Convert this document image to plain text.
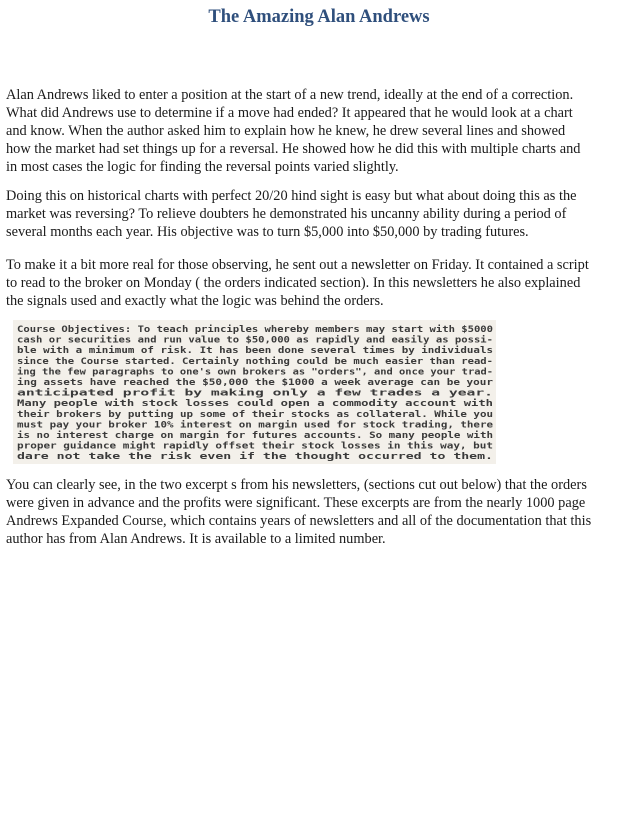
The Amazing Alan Andrews

Alan Andrews liked to enter a position at the start of a new trend, ideally at the end of a correction.
What did Andrews use to determine if a move had ended? It appeared that he would look at a chart
and know. When the author asked him to explain how he knew, he drew several lines and showed
how the market had set things up for a reversal. He showed how he did this with multiple charts and
in most cases the logic for finding the reversal points varied slightly.

Doing this on historical charts with perfect 20/20 hind sight is easy but what about doing this as the
market was reversing? To relieve doubters he demonstrated his uncanny ability during a period of
several months each year. His objective was to turn $5,000 into $50,000 by trading futures.

To make it a bit more real for those observing, he sent out a newsletter on Friday. It contained a script
to read to the broker on Monday ( the orders indicated section). In this newsletters he also explained
the signals used and exactly what the logic was behind the orders.

Course Objectives: To teach principles whereby members may start with $5000
cash or securities and run value to $50,000 as rapidly and easily as possi-
ble with a minimum of risk. It has been done several times by individuals
since the Course started. Certainly nothing could be much easier than read-
ing the few paragraphs to one's own brokers as "orders", and once your trad-
ing assets have reached the $50,000 the $1000 a week average can be your
anticipated profit by making only a few trades a year.
Many people with stock losses could open a commodity account with
their brokers by putting up some of their stocks as collateral. While you
must pay your broker 10% interest on margin used for stock trading, there
is no interest charge on margin for futures accounts. So many people with
proper guidance might rapidly offset their stock losses in this way, but
dare not take the risk even if the thought occurred to them.

You can clearly see, in the two excerpt s from his newsletters, (sections cut out below) that the orders
were given in advance and the profits were significant. These excerpts are from the nearly 1000 page
Andrews Expanded Course, which contains years of newsletters and all of the documentation that this
author has from Alan Andrews. It is available to a limited number.
